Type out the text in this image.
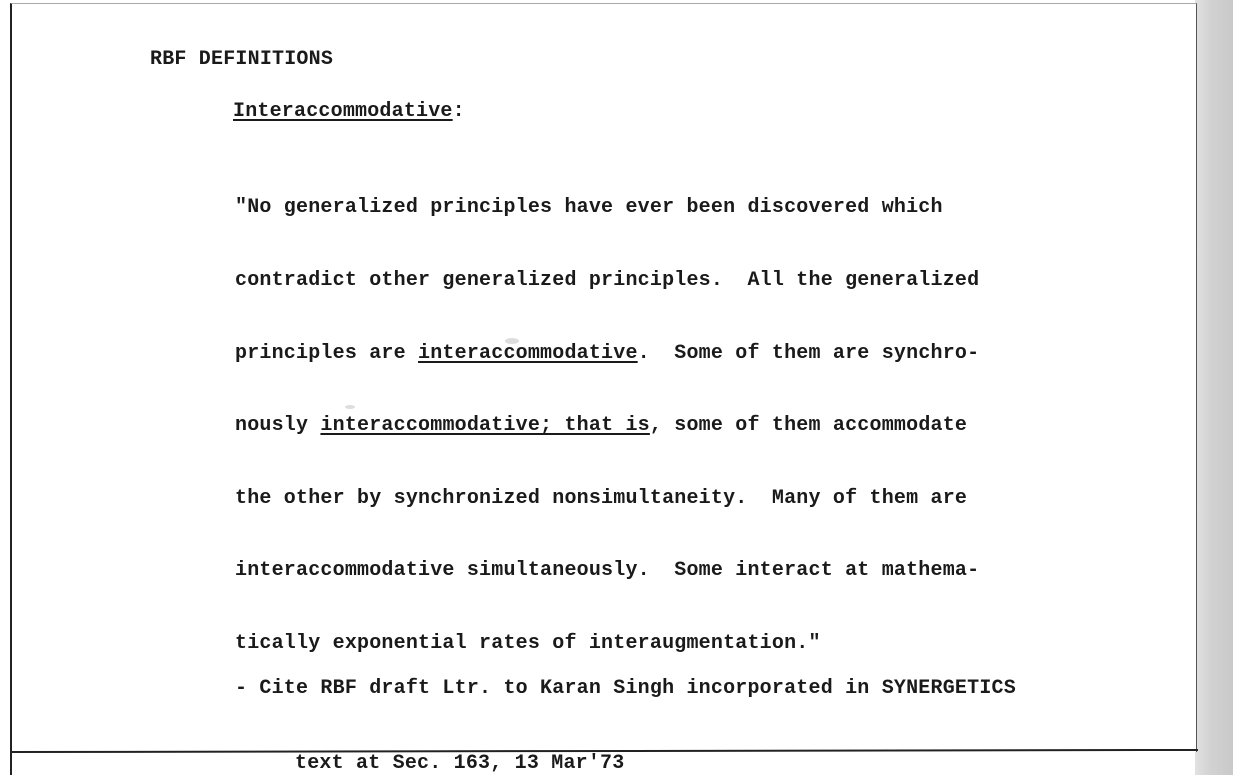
RBF DEFINITIONS
Interaccommodative:

"No generalized principles have ever been discovered which

contradict other generalized principles.  All the generalized

principles are interaccommodative.  Some of them are synchro-

nously interaccommodative; that is, some of them accommodate

the other by synchronized nonsimultaneity.  Many of them are

interaccommodative simultaneously.  Some interact at mathema-

tically exponential rates of interaugmentation."

- Cite RBF draft Ltr. to Karan Singh incorporated in SYNERGETICS

text at Sec. 163, 13 Mar'73
